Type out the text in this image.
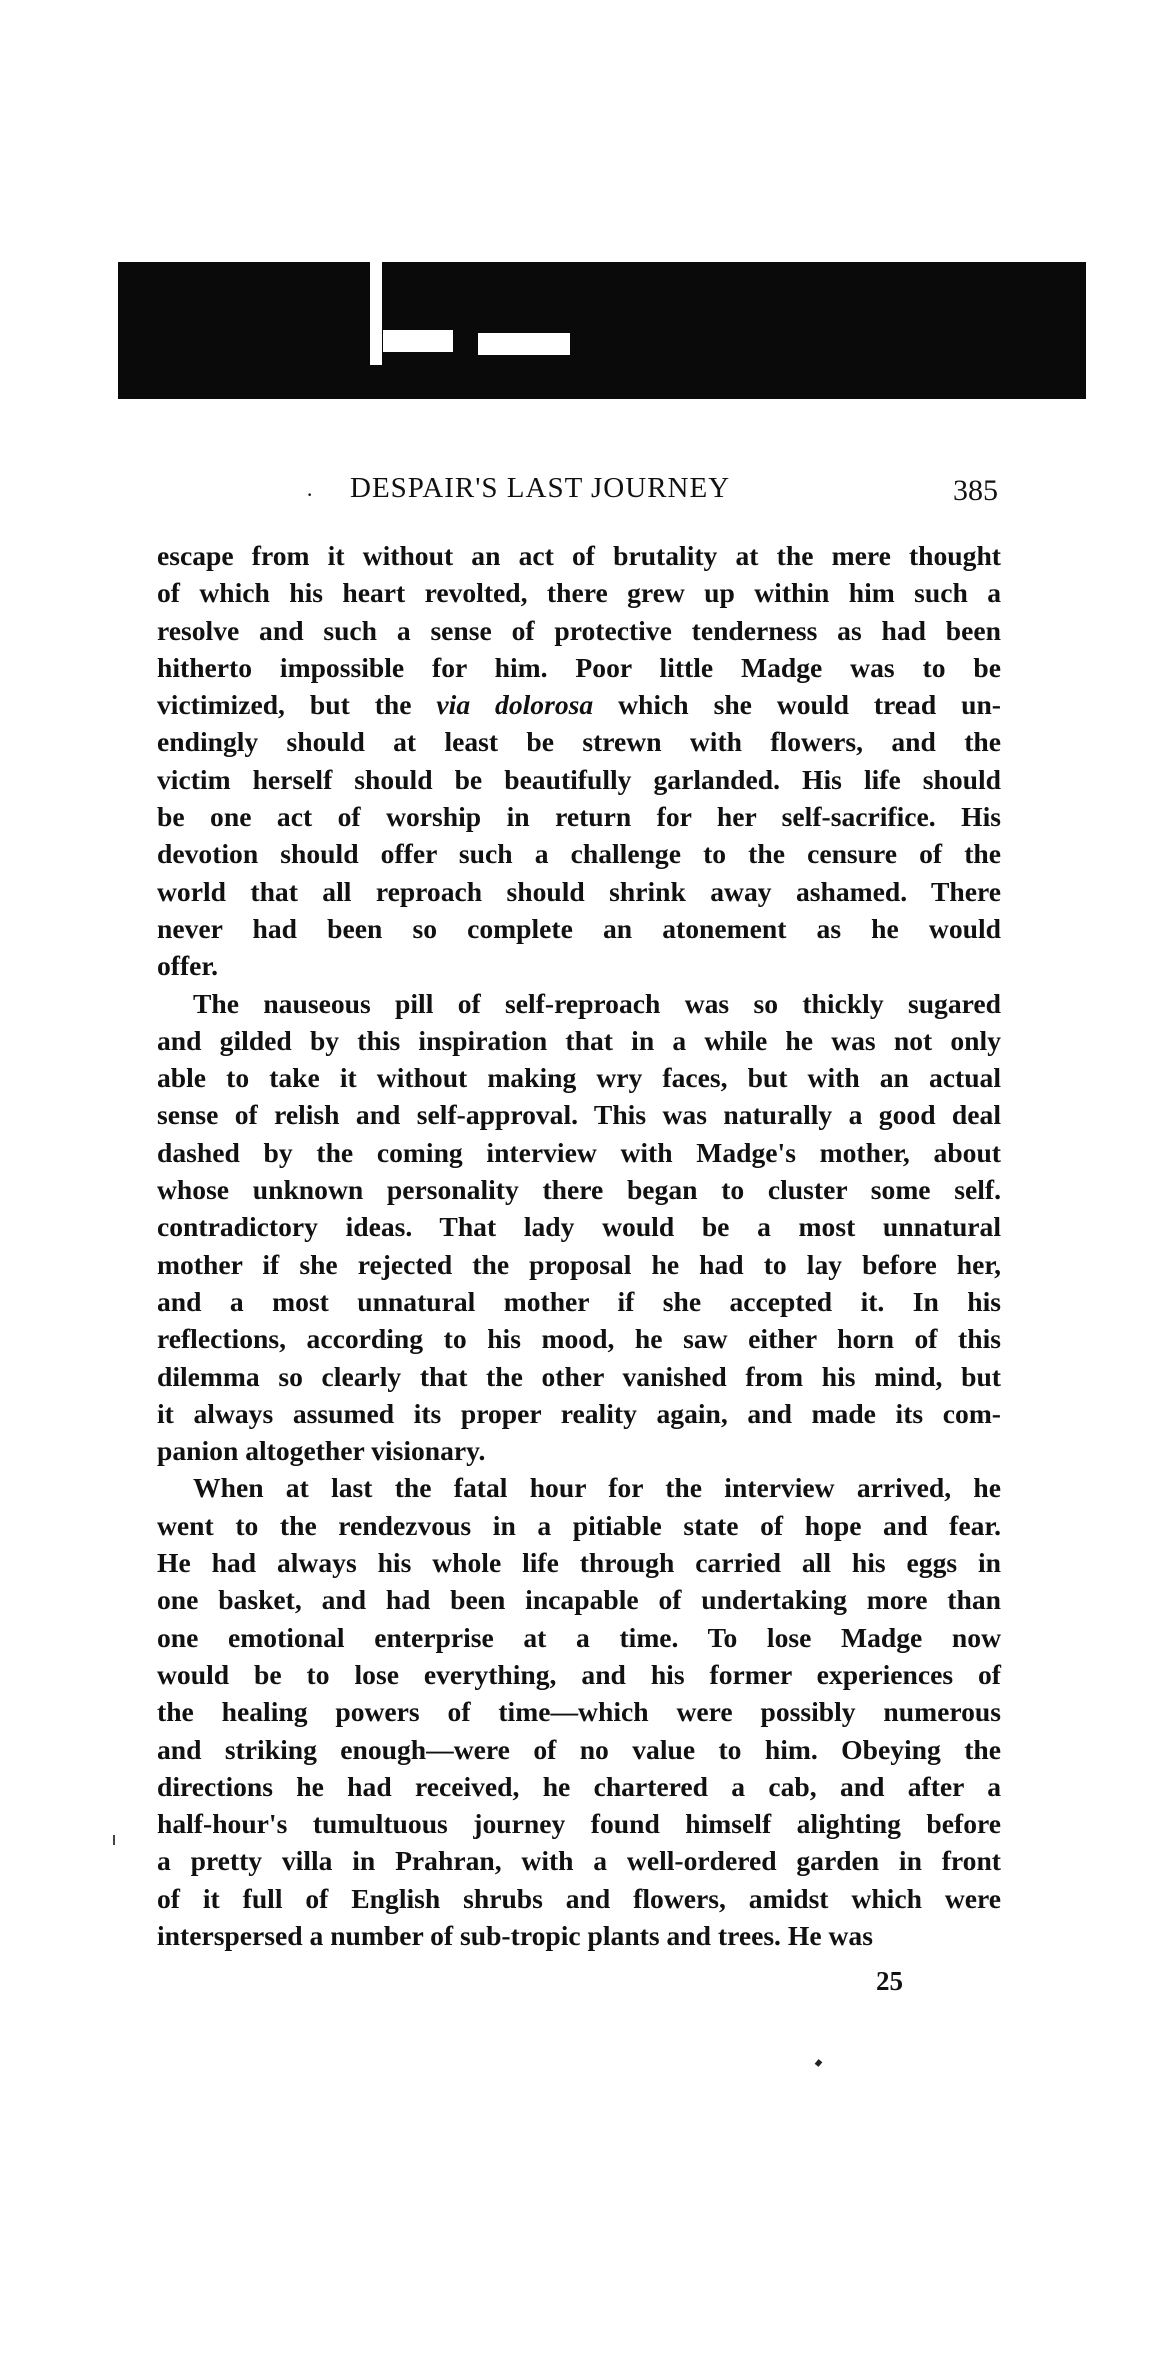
· DESPAIR'S LAST JOURNEY	385

escape from it without an act of brutality at the mere thought
of which his heart revolted, there grew up within him such a
resolve and such a sense of protective tenderness as had been
hitherto impossible for him. Poor little Madge was to be
victimized, but the via dolorosa which she would tread un-
endingly should at least be strewn with flowers, and the
victim herself should be beautifully garlanded. His life should
be one act of worship in return for her self-sacrifice. His
devotion should offer such a challenge to the censure of the
world that all reproach should shrink away ashamed. There
never had been so complete an atonement as he would
offer.

The nauseous pill of self-reproach was so thickly sugared
and gilded by this inspiration that in a while he was not only
able to take it without making wry faces, but with an actual
sense of relish and self-approval. This was naturally a good deal
dashed by the coming interview with Madge's mother, about
whose unknown personality there began to cluster some self.
contradictory ideas. That lady would be a most unnatural
mother if she rejected the proposal he had to lay before her,
and a most unnatural mother if she accepted it. In his
reflections, according to his mood, he saw either horn of this
dilemma so clearly that the other vanished from his mind, but
it always assumed its proper reality again, and made its com-
panion altogether visionary.

When at last the fatal hour for the interview arrived, he
went to the rendezvous in a pitiable state of hope and fear.
He had always his whole life through carried all his eggs in
one basket, and had been incapable of undertaking more than
one emotional enterprise at a time. To lose Madge now
would be to lose everything, and his former experiences of
the healing powers of time—which were possibly numerous
and striking enough—were of no value to him. Obeying the
directions he had received, he chartered a cab, and after a
half-hour's tumultuous journey found himself alighting before
a pretty villa in Prahran, with a well-ordered garden in front
of it full of English shrubs and flowers, amidst which were
interspersed a number of sub-tropic plants and trees. He was

25
